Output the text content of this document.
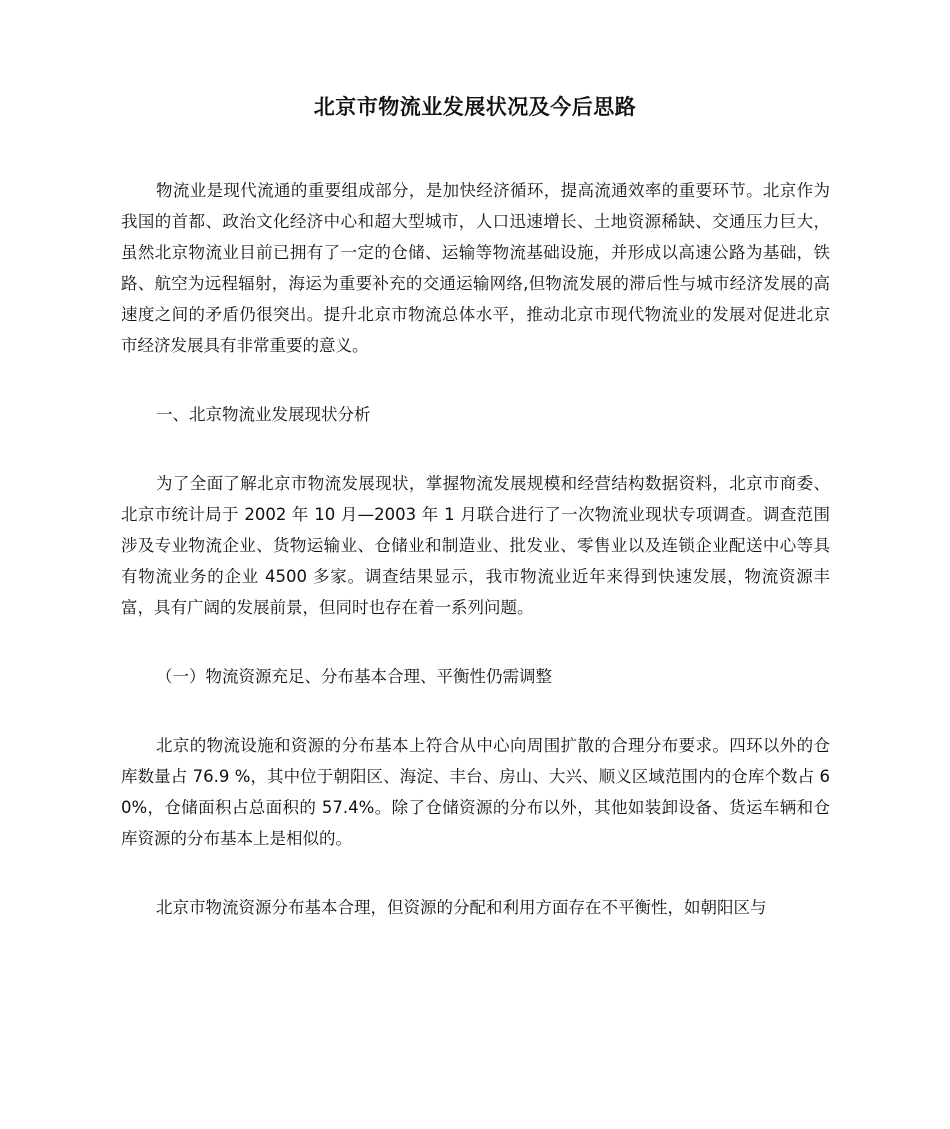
北京市物流业发展状况及今后思路

物流业是现代流通的重要组成部分，是加快经济循环，提高流通效率的重要环节。北京作为我国的首都、政治文化经济中心和超大型城市，人口迅速增长、土地资源稀缺、交通压力巨大，虽然北京物流业目前已拥有了一定的仓储、运输等物流基础设施，并形成以高速公路为基础，铁路、航空为远程辐射，海运为重要补充的交通运输网络,但物流发展的滞后性与城市经济发展的高速度之间的矛盾仍很突出。提升北京市物流总体水平，推动北京市现代物流业的发展对促进北京市经济发展具有非常重要的意义。

一、北京物流业发展现状分析

为了全面了解北京市物流发展现状，掌握物流发展规模和经营结构数据资料，北京市商委、北京市统计局于 2002 年 10 月—2003 年 1 月联合进行了一次物流业现状专项调查。调查范围涉及专业物流企业、货物运输业、仓储业和制造业、批发业、零售业以及连锁企业配送中心等具有物流业务的企业 4500 多家。调查结果显示，我市物流业近年来得到快速发展，物流资源丰富，具有广阔的发展前景，但同时也存在着一系列问题。

（一）物流资源充足、分布基本合理、平衡性仍需调整

北京的物流设施和资源的分布基本上符合从中心向周围扩散的合理分布要求。四环以外的仓库数量占 76.9 %，其中位于朝阳区、海淀、丰台、房山、大兴、顺义区域范围内的仓库个数占 60%，仓储面积占总面积的 57.4%。除了仓储资源的分布以外，其他如装卸设备、货运车辆和仓库资源的分布基本上是相似的。

北京市物流资源分布基本合理，但资源的分配和利用方面存在不平衡性，如朝阳区与
